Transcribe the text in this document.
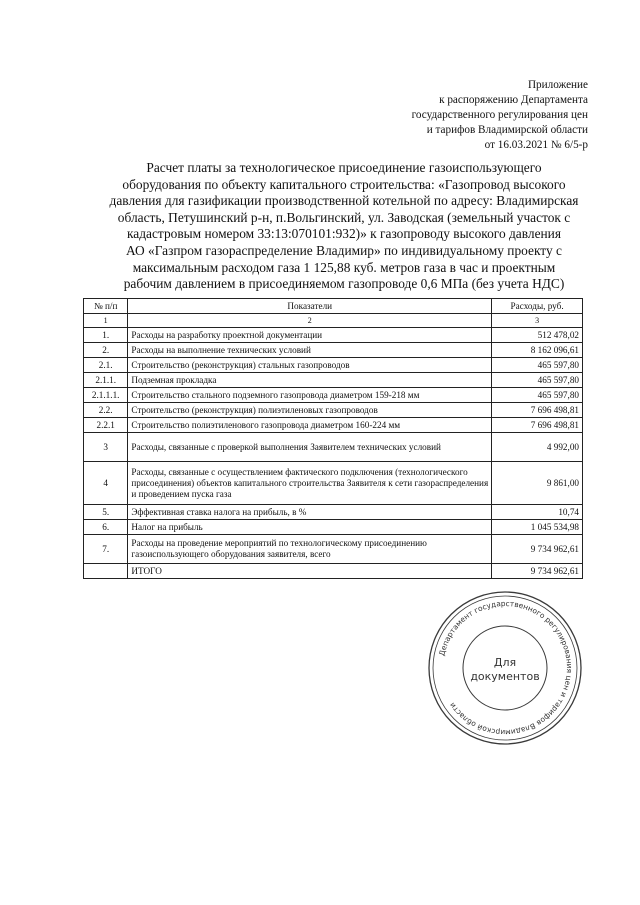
Приложение
к распоряжению Департамента
государственного регулирования цен
и тарифов Владимирской области
от 16.03.2021 № 6/5-р
Расчет платы за технологическое присоединение газоиспользующего
оборудования по объекту капитального строительства: «Газопровод высокого
давления для газификации производственной котельной по адресу: Владимирская
область, Петушинский р-н, п.Вольгинский, ул. Заводская (земельный участок с
кадастровым номером 33:13:070101:932)» к газопроводу высокого давления
АО «Газпром газораспределение Владимир» по индивидуальному проекту с
максимальным расходом газа 1 125,88 куб. метров газа в час и проектным
рабочим давлением в присоединяемом газопроводе 0,6 МПа (без учета НДС)
№ п/п	Показатели	Расходы, руб.
1	2	3
1.	Расходы на разработку проектной документации	512 478,02
2.	Расходы на выполнение технических условий	8 162 096,61
2.1.	Строительство (реконструкция) стальных газопроводов	465 597,80
2.1.1.	Подземная прокладка	465 597,80
2.1.1.1.	Строительство стального подземного газопровода диаметром 159-218 мм	465 597,80
2.2.	Строительство (реконструкция) полиэтиленовых газопроводов	7 696 498,81
2.2.1	Строительство полиэтиленового газопровода диаметром 160-224 мм	7 696 498,81
3	Расходы, связанные с проверкой выполнения Заявителем технических условий	4 992,00
4	Расходы, связанные с осуществлением фактического подключения (технологического присоединения) объектов капитального строительства Заявителя к сети газораспределения и проведением пуска газа	9 861,00
5.	Эффективная ставка налога на прибыль, в %	10,74
6.	Налог на прибыль	1 045 534,98
7.	Расходы на проведение мероприятий по технологическому присоединению газоиспользующего оборудования заявителя, всего	9 734 962,61
	ИТОГО	9 734 962,61
Департамент государственного регулирования цен и тарифов Владимирской области
Для
документов
